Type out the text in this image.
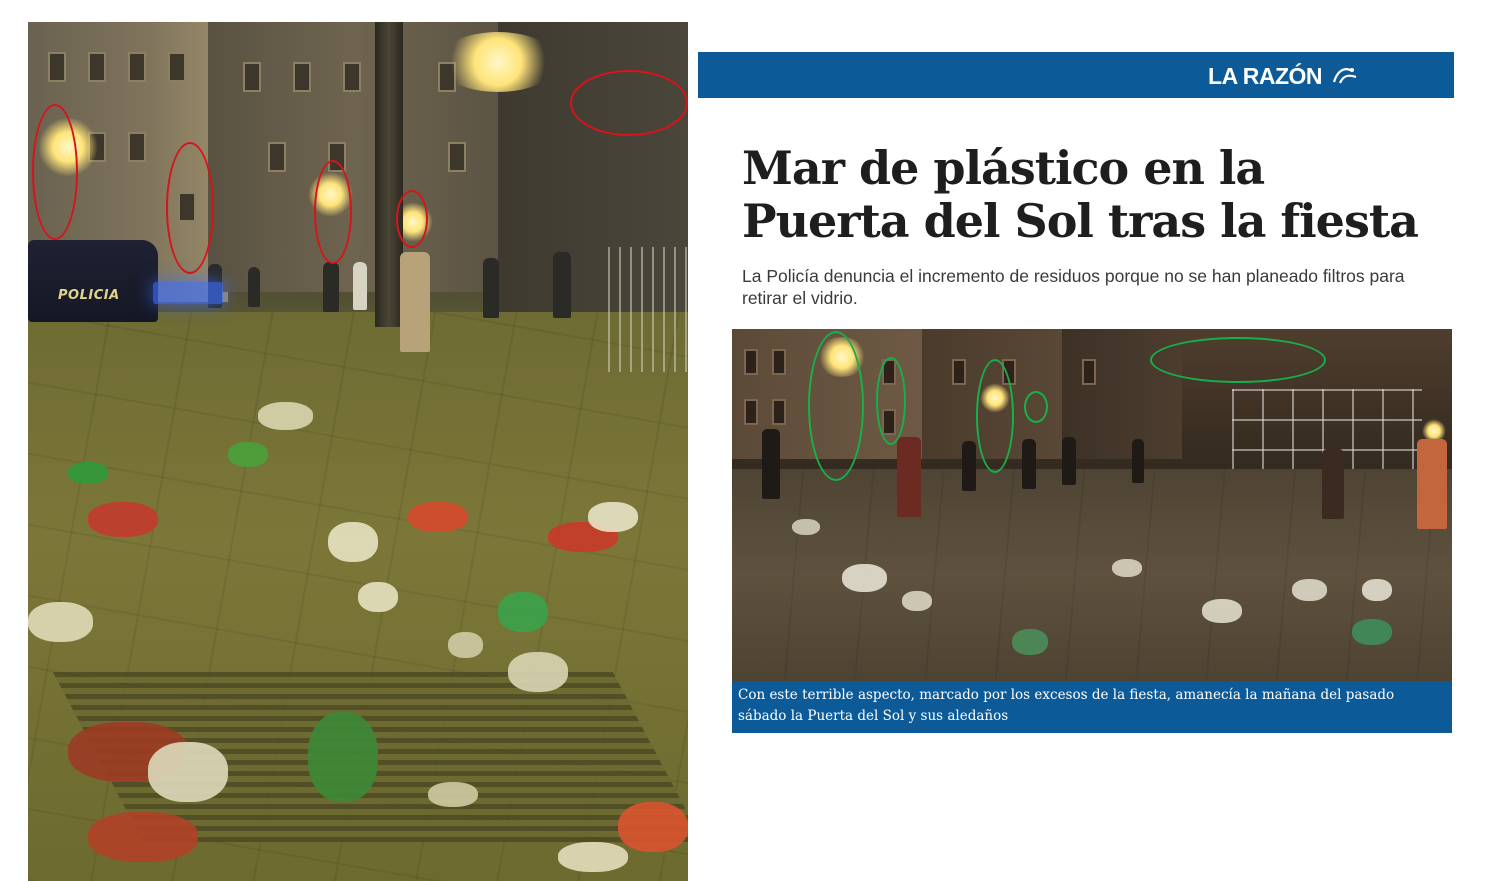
POLICIA
LA RAZÓN
Mar de plástico en la Puerta del Sol tras la fiesta

La Policía denuncia el incremento de residuos porque no se han planeado filtros para retirar el vidrio.

Con este terrible aspecto, marcado por los excesos de la fiesta, amanecía la mañana del pasado sábado la Puerta del Sol y sus aledaños
